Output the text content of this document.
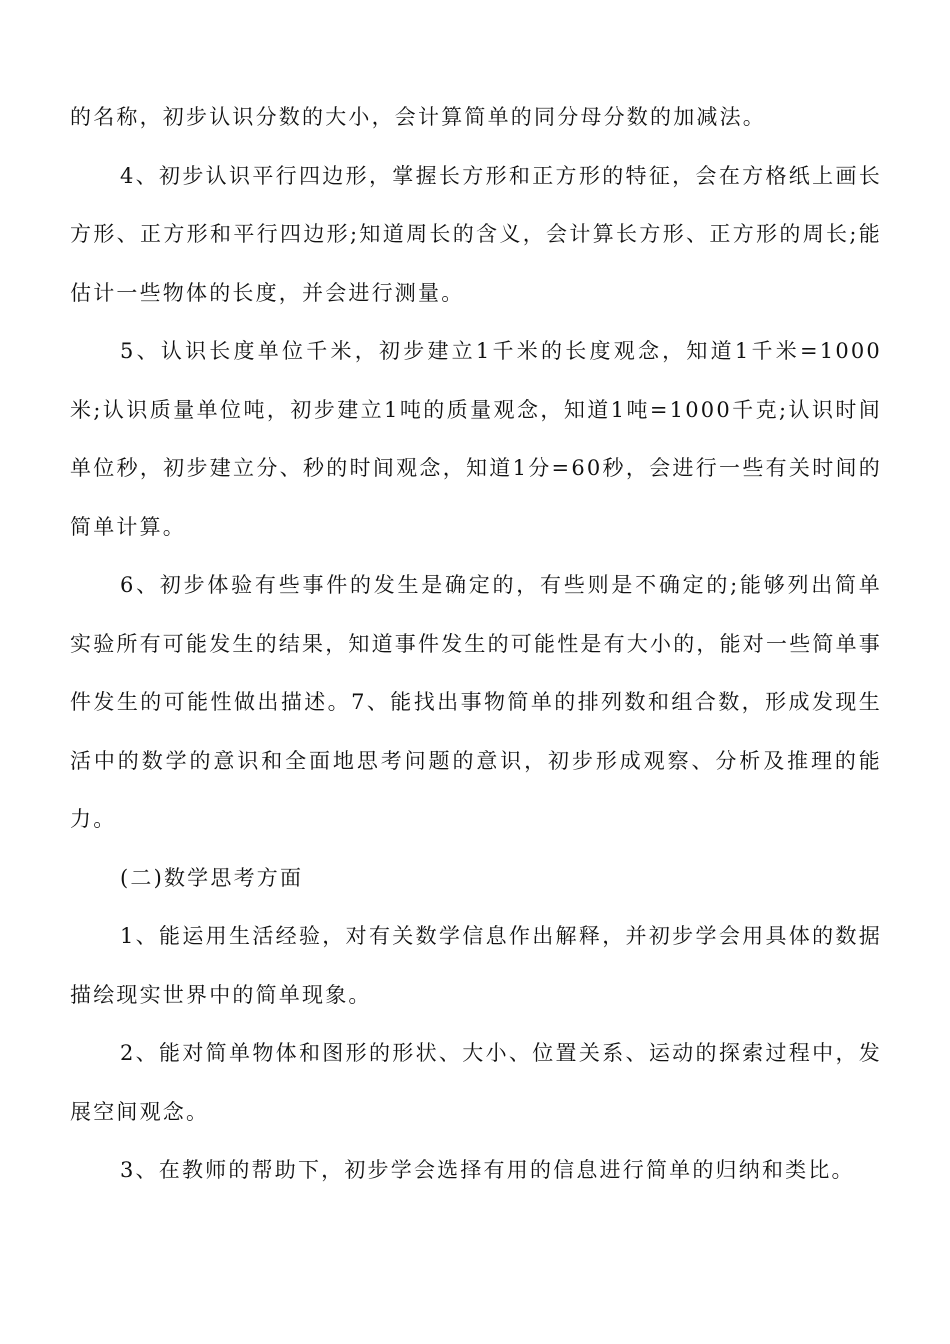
的名称，初步认识分数的大小，会计算简单的同分母分数的加减法。

4、初步认识平行四边形，掌握长方形和正方形的特征，会在方格纸上画长方形、正方形和平行四边形;知道周长的含义，会计算长方形、正方形的周长;能估计一些物体的长度，并会进行测量。

5、认识长度单位千米，初步建立1千米的长度观念，知道1千米=1000米;认识质量单位吨，初步建立1吨的质量观念，知道1吨=1000千克;认识时间单位秒，初步建立分、秒的时间观念，知道1分=60秒，会进行一些有关时间的简单计算。

6、初步体验有些事件的发生是确定的，有些则是不确定的;能够列出简单实验所有可能发生的结果，知道事件发生的可能性是有大小的，能对一些简单事件发生的可能性做出描述。7、能找出事物简单的排列数和组合数，形成发现生活中的数学的意识和全面地思考问题的意识，初步形成观察、分析及推理的能力。

(二)数学思考方面

1、能运用生活经验，对有关数学信息作出解释，并初步学会用具体的数据描绘现实世界中的简单现象。

2、能对简单物体和图形的形状、大小、位置关系、运动的探索过程中，发展空间观念。

3、在教师的帮助下，初步学会选择有用的信息进行简单的归纳和类比。
